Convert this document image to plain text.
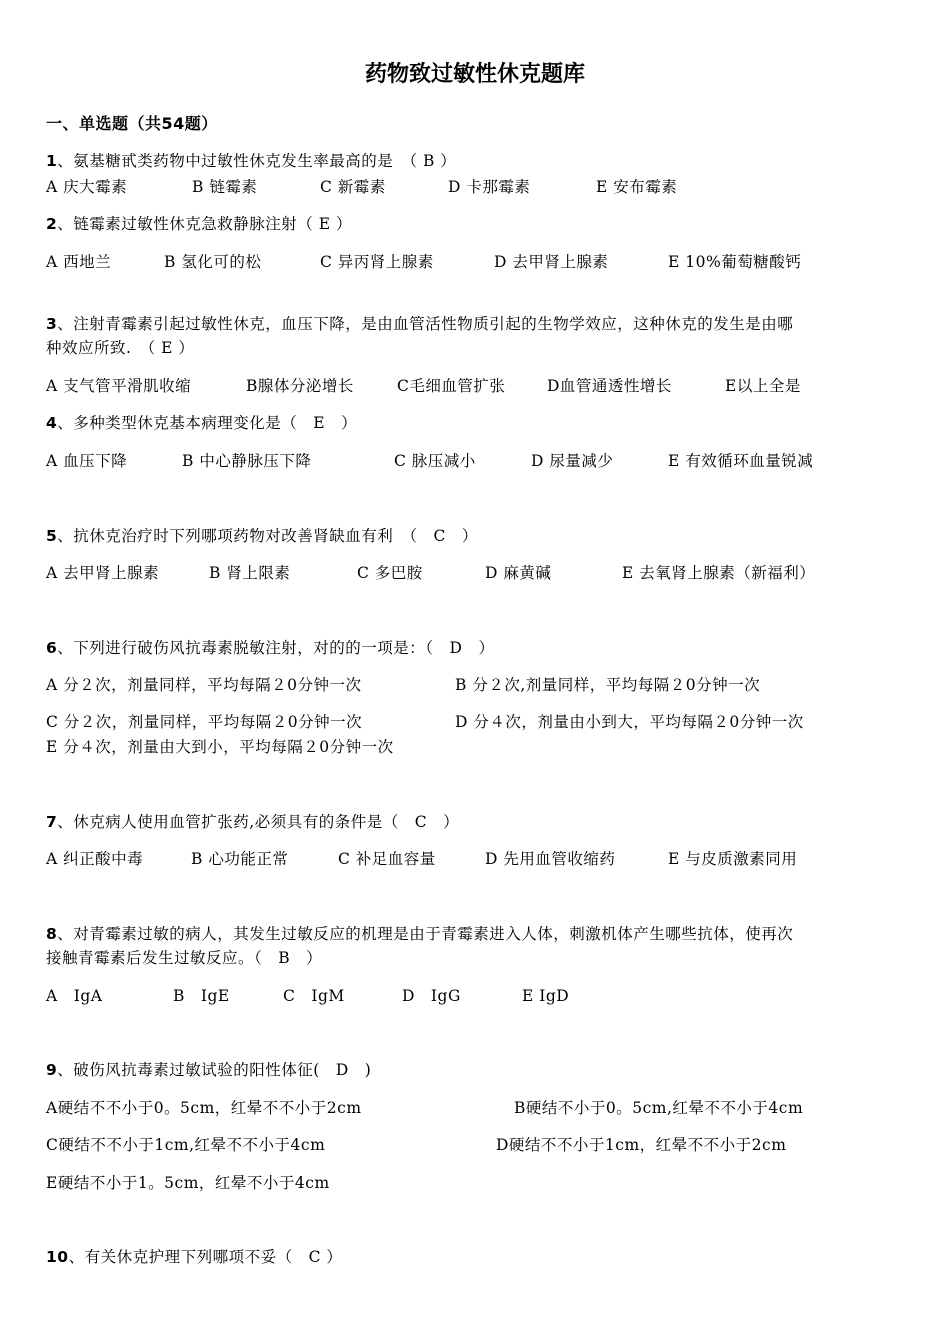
药物致过敏性休克题库
一、单选题（共54题）
1、氨基糖甙类药物中过敏性休克发生率最高的是　（ B ）
A 庆大霉素	B 链霉素	C 新霉素	D 卡那霉素	E 安布霉素
2、链霉素过敏性休克急救静脉注射（ E ）
A 西地兰	B 氢化可的松	C 异丙肾上腺素	D 去甲肾上腺素	E 10%葡萄糖酸钙
3、注射青霉素引起过敏性休克，血压下降，是由血管活性物质引起的生物学效应，这种休克的发生是由哪
种效应所致.　（ E ）
A 支气管平滑肌收缩	B腺体分泌增长	C毛细血管扩张	D血管通透性增长	E以上全是
4、多种类型休克基本病理变化是（　E　）
A 血压下降	B 中心静脉压下降	C 脉压减小	D 尿量减少	E 有效循环血量锐减
5、抗休克治疗时下列哪项药物对改善肾缺血有利　（　C　）
A 去甲肾上腺素	B 肾上限素	C 多巴胺	D 麻黄碱	E 去氧肾上腺素（新福利）
6、下列进行破伤风抗毒素脱敏注射，对的的一项是：（　D　）
A 分２次，剂量同样，平均每隔２0分钟一次	B 分２次,剂量同样，平均每隔２0分钟一次
C 分２次，剂量同样，平均每隔２0分钟一次	D 分４次，剂量由小到大，平均每隔２0分钟一次
E 分４次，剂量由大到小，平均每隔２0分钟一次
7、休克病人使用血管扩张药,必须具有的条件是（　C　）
A 纠正酸中毒	B 心功能正常	C 补足血容量	D 先用血管收缩药	E 与皮质激素同用
8、对青霉素过敏的病人，其发生过敏反应的机理是由于青霉素进入人体，刺激机体产生哪些抗体，使再次
接触青霉素后发生过敏反应。（　B　）
A　IgA	B　IgE	C　IgM	D　IgG	E IgD
9、破伤风抗毒素过敏试验的阳性体征(　D　)
A硬结不不小于0。5cm，红晕不不小于2cm	B硬结不小于0。5cm,红晕不不小于4cm
C硬结不不小于1cm,红晕不不小于4cm	D硬结不不小于1cm，红晕不不小于2cm
E硬结不小于1。5cm，红晕不小于4cm
10、有关休克护理下列哪项不妥（　C ）
